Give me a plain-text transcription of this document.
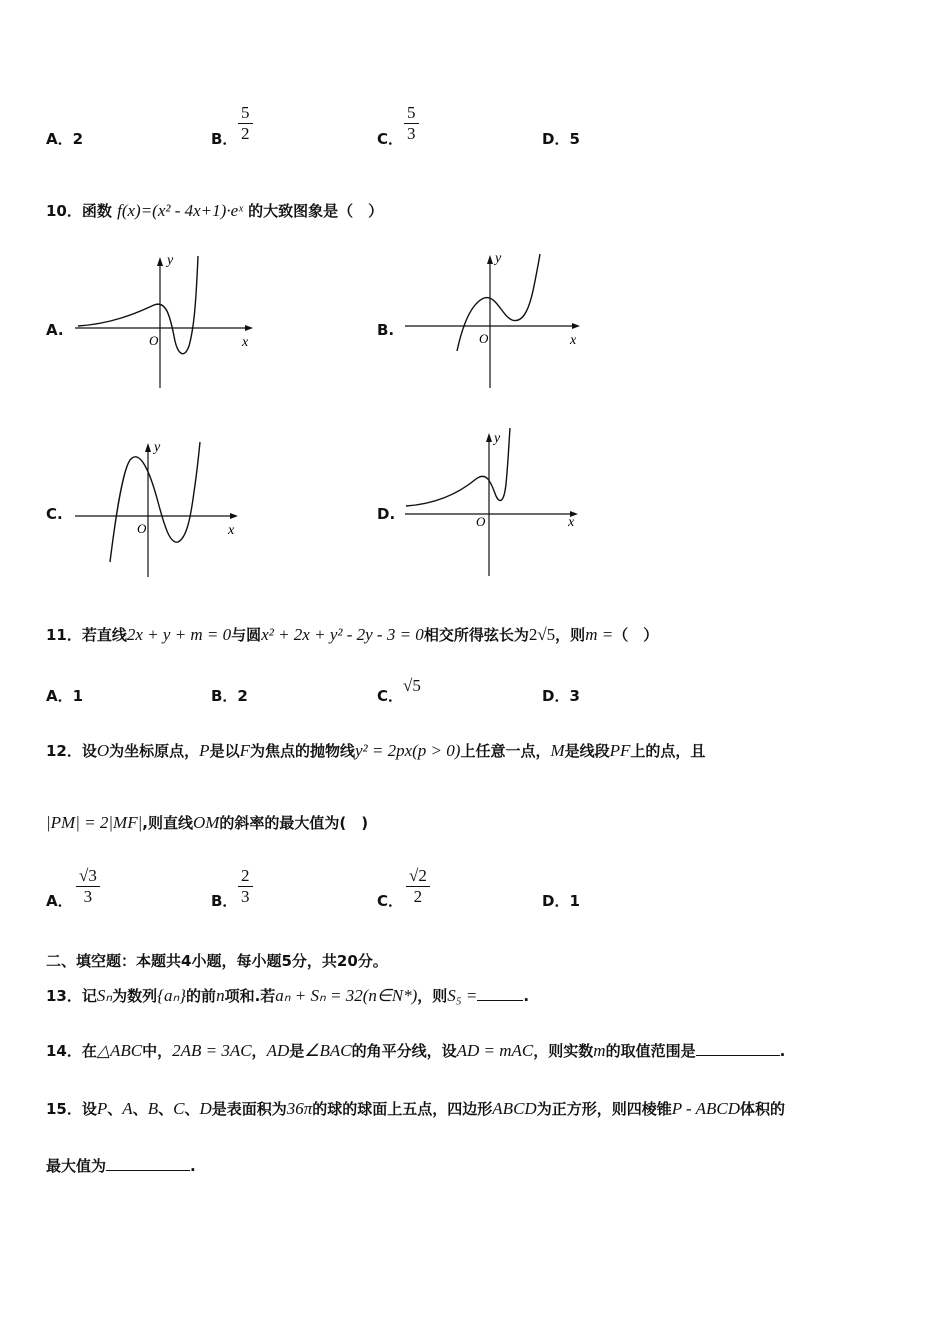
A．2	B． $\frac{5}{2}$	C． $\frac{5}{3}$	D．5
10．函数 f(x)=(x² - 4x+1)·eˣ 的大致图象是（　）
A.
y
x
O
B.
y
x
O
C.
y
x
O
D.
y
x
O
11．若直线2x + y + m = 0与圆x² + 2x + y² - 2y - 3 = 0相交所得弦长为2√5，则m =（　）
A．1	B．2	C．√5
D．3
12．设O为坐标原点，P是以F为焦点的抛物线y² = 2px(p > 0)上任意一点，M是线段PF上的点，且
|PM| = 2|MF|,则直线OM的斜率的最大值为(　)
A． $\frac{√3}{3}$	B． $\frac{2}{3}$	C． $\frac{√2}{2}$	D．1
二、填空题：本题共4小题，每小题5分，共20分。
13．记Sₙ为数列{aₙ}的前n项和.若aₙ + Sₙ = 32(n∈N*)，则S₅ =	.
14．在△ABC中，2AB = 3AC，AD是∠BAC的角平分线，设AD = mAC，则实数m的取值范围是	.
15．设P、A、B、C、D是表面积为36π的球的球面上五点，四边形ABCD为正方形，则四棱锥P - ABCD体积的
最大值为	.
